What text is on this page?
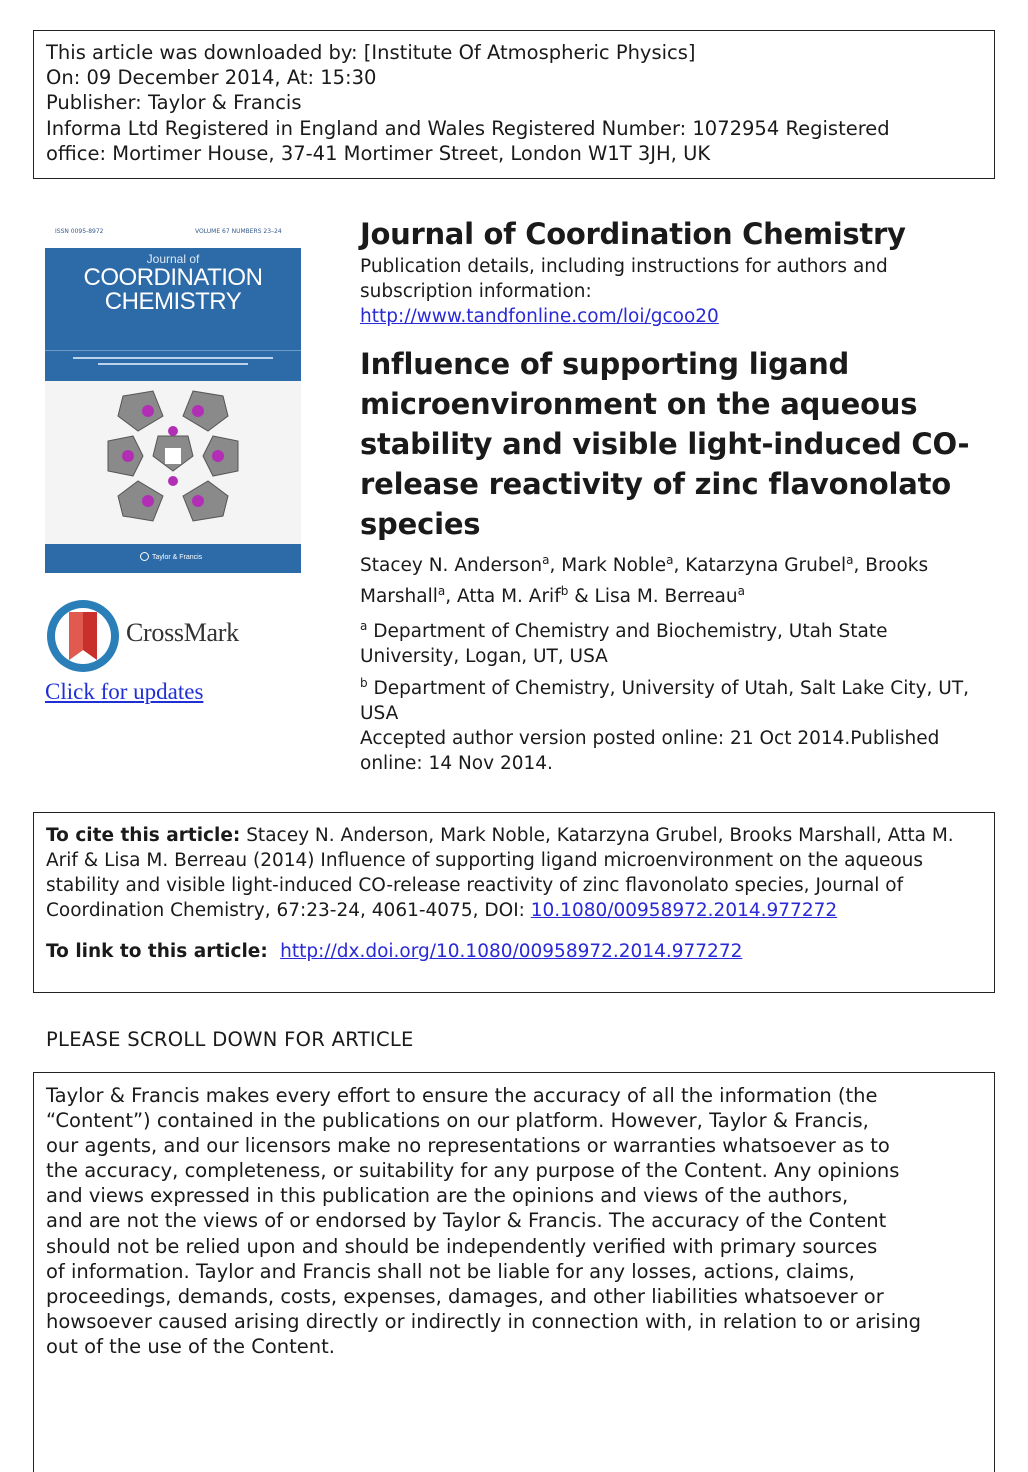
This article was downloaded by: [Institute Of Atmospheric Physics]
On: 09 December 2014, At: 15:30
Publisher: Taylor & Francis
Informa Ltd Registered in England and Wales Registered Number: 1072954 Registered
office: Mortimer House, 37-41 Mortimer Street, London W1T 3JH, UK
ISSN 0095-8972	VOLUME 67 NUMBERS 23–24
Journal of
COORDINATION
CHEMISTRY
Taylor & Francis
CrossMark
Click for updates
Journal of Coordination Chemistry
Publication details, including instructions for authors and
subscription information:
http://www.tandfonline.com/loi/gcoo20
Influence of supporting ligand
microenvironment on the aqueous
stability and visible light-induced CO-
release reactivity of zinc flavonolato
species
Stacey N. Anderson$^a$, Mark Noble$^a$, Katarzyna Grubel$^a$, Brooks
Marshall$^a$, Atta M. Arif$^b$ & Lisa M. Berreau$^a$
$^a$ Department of Chemistry and Biochemistry, Utah State
University, Logan, UT, USA
$^b$ Department of Chemistry, University of Utah, Salt Lake City, UT,
USA
Accepted author version posted online: 21 Oct 2014.Published
online: 14 Nov 2014.
To cite this article: Stacey N. Anderson, Mark Noble, Katarzyna Grubel, Brooks Marshall, Atta M.
Arif & Lisa M. Berreau (2014) Influence of supporting ligand microenvironment on the aqueous
stability and visible light-induced CO-release reactivity of zinc flavonolato species, Journal of
Coordination Chemistry, 67:23-24, 4061-4075, DOI: 10.1080/00958972.2014.977272
To link to this article:  http://dx.doi.org/10.1080/00958972.2014.977272
PLEASE SCROLL DOWN FOR ARTICLE
Taylor & Francis makes every effort to ensure the accuracy of all the information (the
“Content”) contained in the publications on our platform. However, Taylor & Francis,
our agents, and our licensors make no representations or warranties whatsoever as to
the accuracy, completeness, or suitability for any purpose of the Content. Any opinions
and views expressed in this publication are the opinions and views of the authors,
and are not the views of or endorsed by Taylor & Francis. The accuracy of the Content
should not be relied upon and should be independently verified with primary sources
of information. Taylor and Francis shall not be liable for any losses, actions, claims,
proceedings, demands, costs, expenses, damages, and other liabilities whatsoever or
howsoever caused arising directly or indirectly in connection with, in relation to or arising
out of the use of the Content.
